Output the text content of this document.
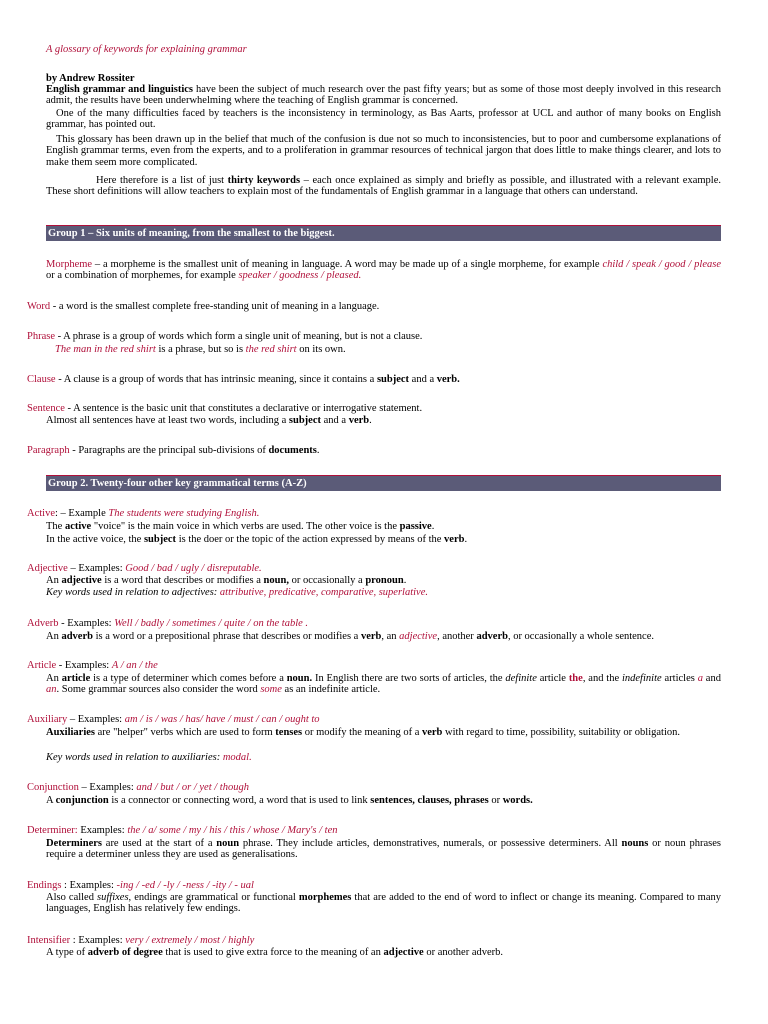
A glossary of keywords for explaining grammar
by Andrew Rossiter
English grammar and linguistics have been the subject of much research over the past fifty years; but as some of those most deeply involved in this research admit, the results have been underwhelming where the teaching of English grammar is concerned.
One of the many difficulties faced by teachers is the inconsistency in terminology, as Bas Aarts, professor at UCL and author of many books on English grammar, has pointed out.
This glossary has been drawn up in the belief that much of the confusion is due not so much to inconsistencies, but to poor and cumbersome explanations of English grammar terms, even from the experts, and to a proliferation in grammar resources of technical jargon that does little to make things clearer, and lots to make them seem more complicated.
Here therefore is a list of just thirty keywords – each once explained as simply and briefly as possible, and illustrated with a relevant example. These short definitions will allow teachers to explain most of the fundamentals of English grammar in a language that others can understand.
Group 1 – Six units of meaning, from the smallest to the biggest.
Morpheme – a morpheme is the smallest unit of meaning in language. A word may be made up of a single morpheme, for example child / speak / good / please or a combination of morphemes, for example speaker / goodness / pleased.
Word - a word is the smallest complete free-standing unit of meaning in a language.
Phrase - A phrase is a group of words which form a single unit of meaning, but is not a clause.
The man in the red shirt is a phrase, but so is the red shirt on its own.
Clause - A clause is a group of words that has intrinsic meaning, since it contains a subject and a verb.
Sentence - A sentence is the basic unit that constitutes a declarative or interrogative statement.
Almost all sentences have at least two words, including a subject and a verb.
Paragraph - Paragraphs are the principal sub-divisions of documents.
Group 2. Twenty-four other key grammatical terms (A-Z)
Active: – Example The students were studying English.
The active "voice" is the main voice in which verbs are used. The other voice is the passive.
In the active voice, the subject is the doer or the topic of the action expressed by means of the verb.
Adjective – Examples: Good / bad / ugly / disreputable.
An adjective is a word that describes or modifies a noun, or occasionally a pronoun.
Key words used in relation to adjectives: attributive, predicative, comparative, superlative.
Adverb - Examples: Well / badly / sometimes / quite / on the table .
An adverb is a word or a prepositional phrase that describes or modifies a verb, an adjective, another adverb, or occasionally a whole sentence.
Article - Examples: A / an / the
An article is a type of determiner which comes before a noun. In English there are two sorts of articles, the definite article the, and the indefinite articles a and an. Some grammar sources also consider the word some as an indefinite article.
Auxiliary – Examples: am / is / was / has/ have / must / can / ought to
Auxiliaries are "helper" verbs which are used to form tenses or modify the meaning of a verb with regard to time, possibility, suitability or obligation.
Key words used in relation to auxiliaries: modal.
Conjunction – Examples: and / but / or / yet / though
A conjunction is a connector or connecting word, a word that is used to link sentences, clauses, phrases or words.
Determiner: Examples: the / a/ some / my / his / this / whose / Mary's / ten
Determiners are used at the start of a noun phrase. They include articles, demonstratives, numerals, or possessive determiners. All nouns or noun phrases require a determiner unless they are used as generalisations.
Endings : Examples: -ing / -ed / -ly / -ness / -ity / - ual
Also called suffixes, endings are grammatical or functional morphemes that are added to the end of word to inflect or change its meaning. Compared to many languages, English has relatively few endings.
Intensifier : Examples: very / extremely / most / highly
A type of adverb of degree that is used to give extra force to the meaning of an adjective or another adverb.
